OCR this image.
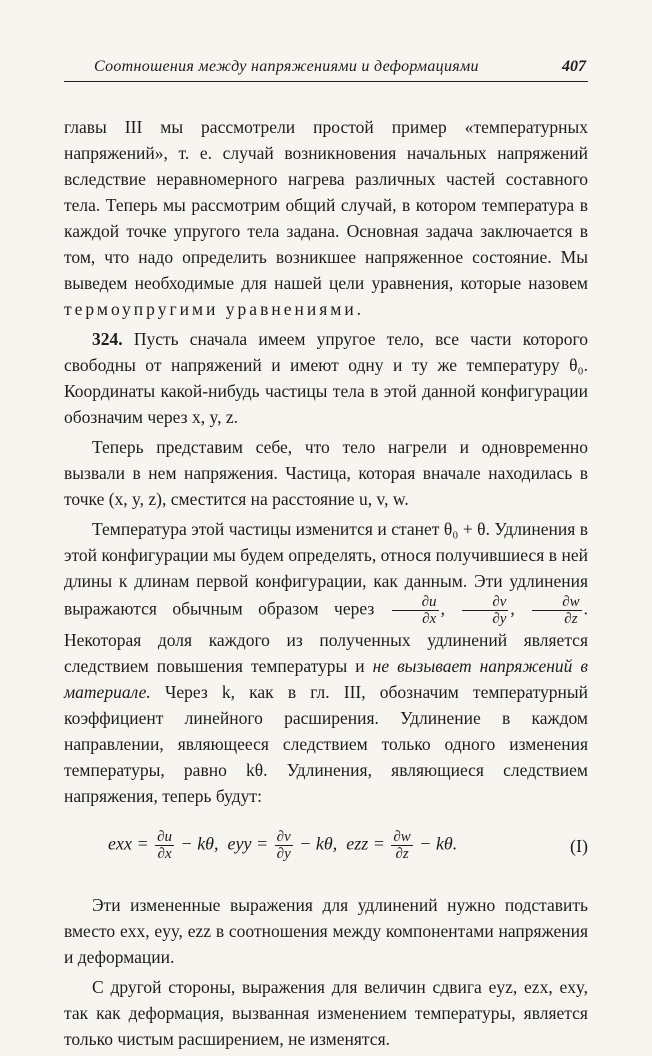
Соотношения между напряжениями и деформациями	407

главы III мы рассмотрели простой пример «температурных напряжений», т. е. случай возникновения начальных напряжений вследствие неравномерного нагрева различных частей составного тела. Теперь мы рассмотрим общий случай, в котором температура в каждой точке упругого тела задана. Основная задача заключается в том, что надо определить возникшее напряженное состояние. Мы выведем необходимые для нашей цели уравнения, которые назовем термоупругими уравнениями.

324. Пусть сначала имеем упругое тело, все части которого свободны от напряжений и имеют одну и ту же температуру θ₀. Координаты какой-нибудь частицы тела в этой данной конфигурации обозначим через x, y, z.

Теперь представим себе, что тело нагрели и одновременно вызвали в нем напряжения. Частица, которая вначале находилась в точке (x, y, z), сместится на расстояние u, v, w.

Температура этой частицы изменится и станет θ₀ + θ. Удлинения в этой конфигурации мы будем определять, относя получившиеся в ней длины к длинам первой конфигурации, как данным. Эти удлинения выражаются обычным образом через $\frac{\partial u}{\partial x}$ , $\frac{\partial v}{\partial y}$ , $\frac{\partial w}{\partial z}$ . Некоторая доля каждого из полученных удлинений является следствием повышения температуры и не вызывает напряжений в материале. Через k, как в гл. III, обозначим температурный коэффициент линейного расширения. Удлинение в каждом направлении, являющееся следствием только одного изменения температуры, равно kθ. Удлинения, являющиеся следствием напряжения, теперь будут:

exx = $\frac{\partial u}{\partial x} - k\theta$, eyy = $\frac{\partial v}{\partial y} - k\theta$, ezz = $\frac{\partial w}{\partial z} - k\theta$.	(I)

Эти измененные выражения для удлинений нужно подставить вместо exx, eyy, ezz в соотношения между компонентами напряжения и деформации.

С другой стороны, выражения для величин сдвига eyz, ezx, exy, так как деформация, вызванная изменением температуры, является только чистым расширением, не изменятся.
